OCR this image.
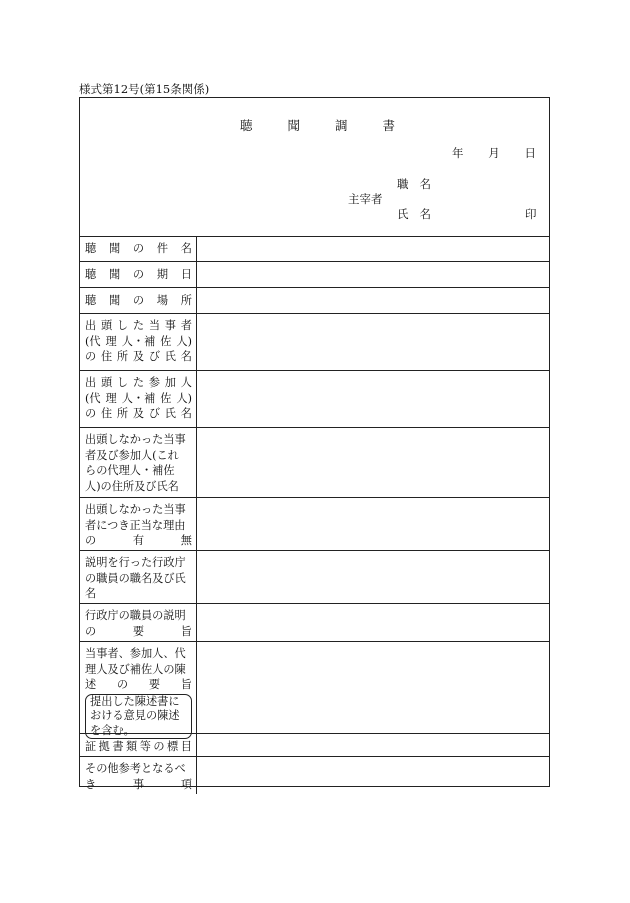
様式第12号(第15条関係)
聴	聞	調	書
年 月 日
主宰者
職 名
氏 名	印
聴 聞 の 件 名
聴 聞 の 期 日
聴 聞 の 場 所
出 頭 し た 当 事 者
(代 理 人・補 佐 人)
の 住 所 及 び 氏 名
出 頭 し た 参 加 人
(代 理 人・補 佐 人)
の 住 所 及 び 氏 名
出頭しなかった当事
者及び参加人(これ
らの代理人・補佐
人)の住所及び氏名
出頭しなかった当事
者につき正当な理由
の	有	無
説明を行った行政庁
の職員の職名及び氏
名
行政庁の職員の説明
の	要	旨
当事者、参加人、代
理人及び補佐人の陳
述 の 要 旨
提出した陳述書に
おける意見の陳述
を含む。
証 拠 書 類 等 の 標 目
その他参考となるべ
き	事	項
